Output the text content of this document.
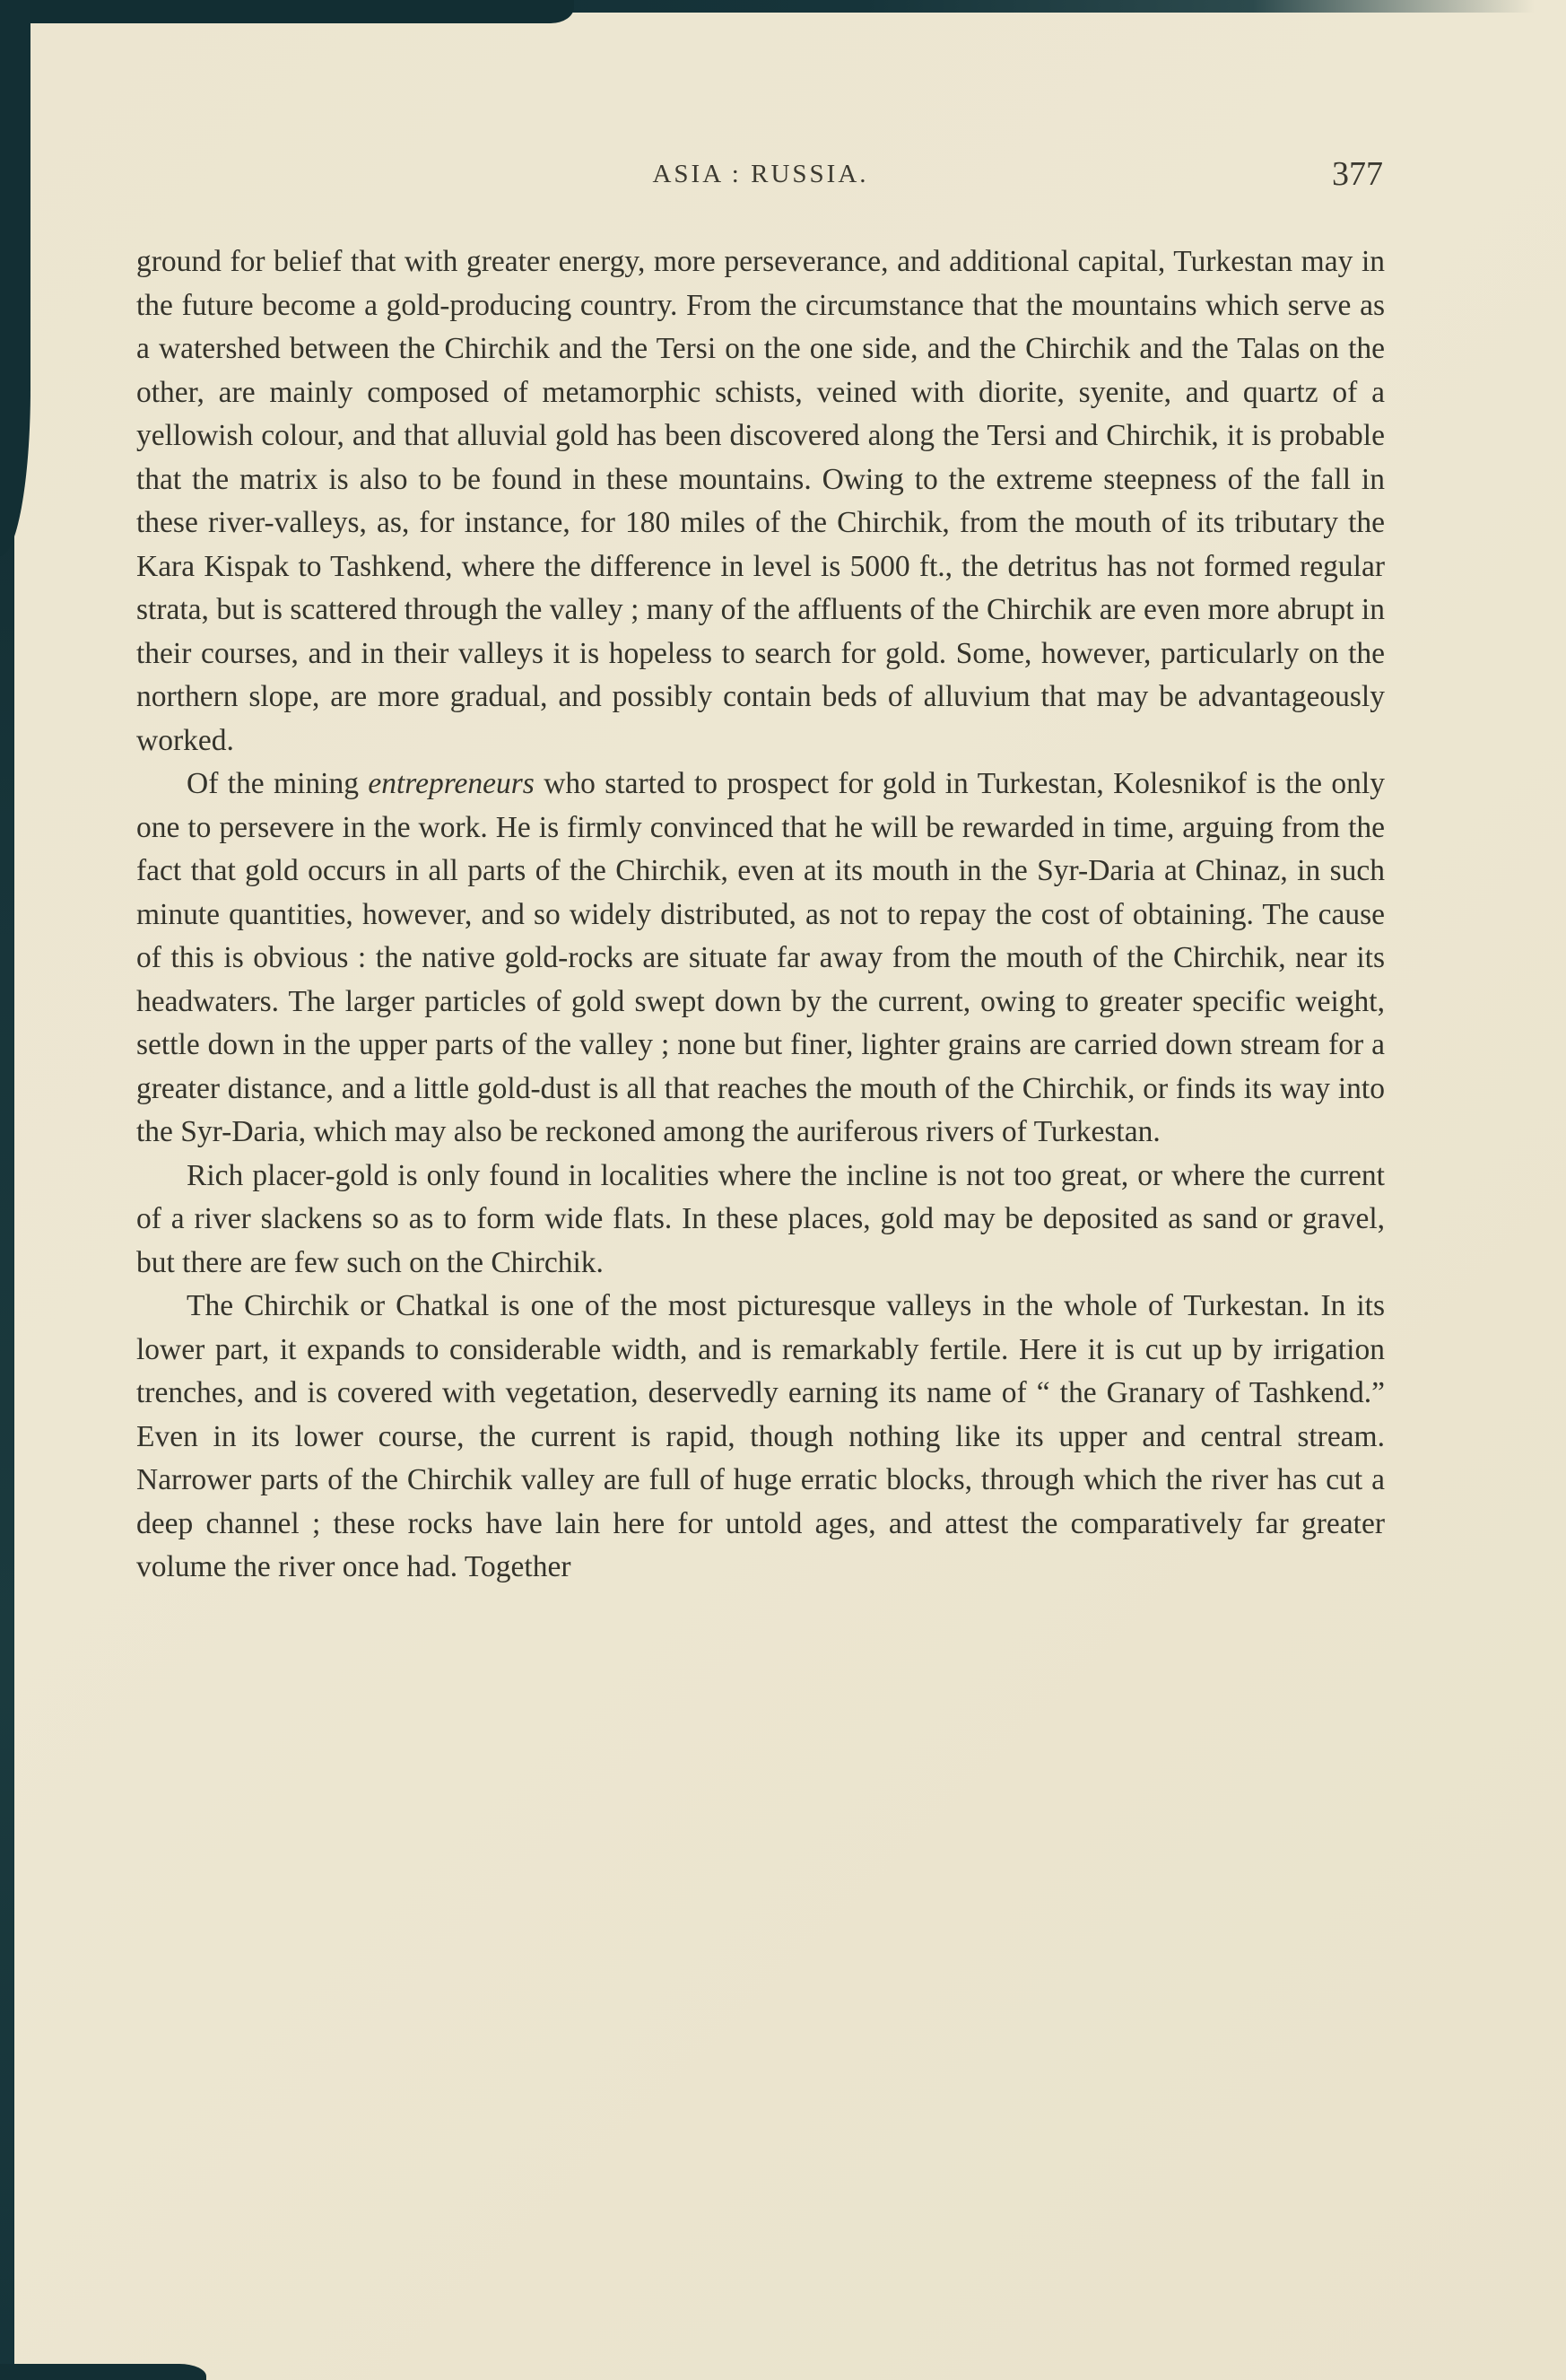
ASIA : RUSSIA.	377

ground for belief that with greater energy, more perseverance, and additional capital, Turkestan may in the future become a gold-producing country. From the circumstance that the mountains which serve as a watershed between the Chirchik and the Tersi on the one side, and the Chirchik and the Talas on the other, are mainly composed of metamorphic schists, veined with diorite, syenite, and quartz of a yellowish colour, and that alluvial gold has been discovered along the Tersi and Chirchik, it is probable that the matrix is also to be found in these mountains. Owing to the extreme steepness of the fall in these river-valleys, as, for instance, for 180 miles of the Chirchik, from the mouth of its tributary the Kara Kispak to Tashkend, where the difference in level is 5000 ft., the detritus has not formed regular strata, but is scattered through the valley ; many of the affluents of the Chirchik are even more abrupt in their courses, and in their valleys it is hopeless to search for gold. Some, however, particularly on the northern slope, are more gradual, and possibly contain beds of alluvium that may be advantageously worked.

Of the mining entrepreneurs who started to prospect for gold in Turkestan, Kolesnikof is the only one to persevere in the work. He is firmly convinced that he will be rewarded in time, arguing from the fact that gold occurs in all parts of the Chirchik, even at its mouth in the Syr-Daria at Chinaz, in such minute quantities, however, and so widely distributed, as not to repay the cost of obtaining. The cause of this is obvious : the native gold-rocks are situate far away from the mouth of the Chirchik, near its headwaters. The larger particles of gold swept down by the current, owing to greater specific weight, settle down in the upper parts of the valley ; none but finer, lighter grains are carried down stream for a greater distance, and a little gold-dust is all that reaches the mouth of the Chirchik, or finds its way into the Syr-Daria, which may also be reckoned among the auriferous rivers of Turkestan.

Rich placer-gold is only found in localities where the incline is not too great, or where the current of a river slackens so as to form wide flats. In these places, gold may be deposited as sand or gravel, but there are few such on the Chirchik.

The Chirchik or Chatkal is one of the most picturesque valleys in the whole of Turkestan. In its lower part, it expands to considerable width, and is remarkably fertile. Here it is cut up by irrigation trenches, and is covered with vegetation, deservedly earning its name of “ the Granary of Tashkend.” Even in its lower course, the current is rapid, though nothing like its upper and central stream. Narrower parts of the Chirchik valley are full of huge erratic blocks, through which the river has cut a deep channel ; these rocks have lain here for untold ages, and attest the comparatively far greater volume the river once had. Together
